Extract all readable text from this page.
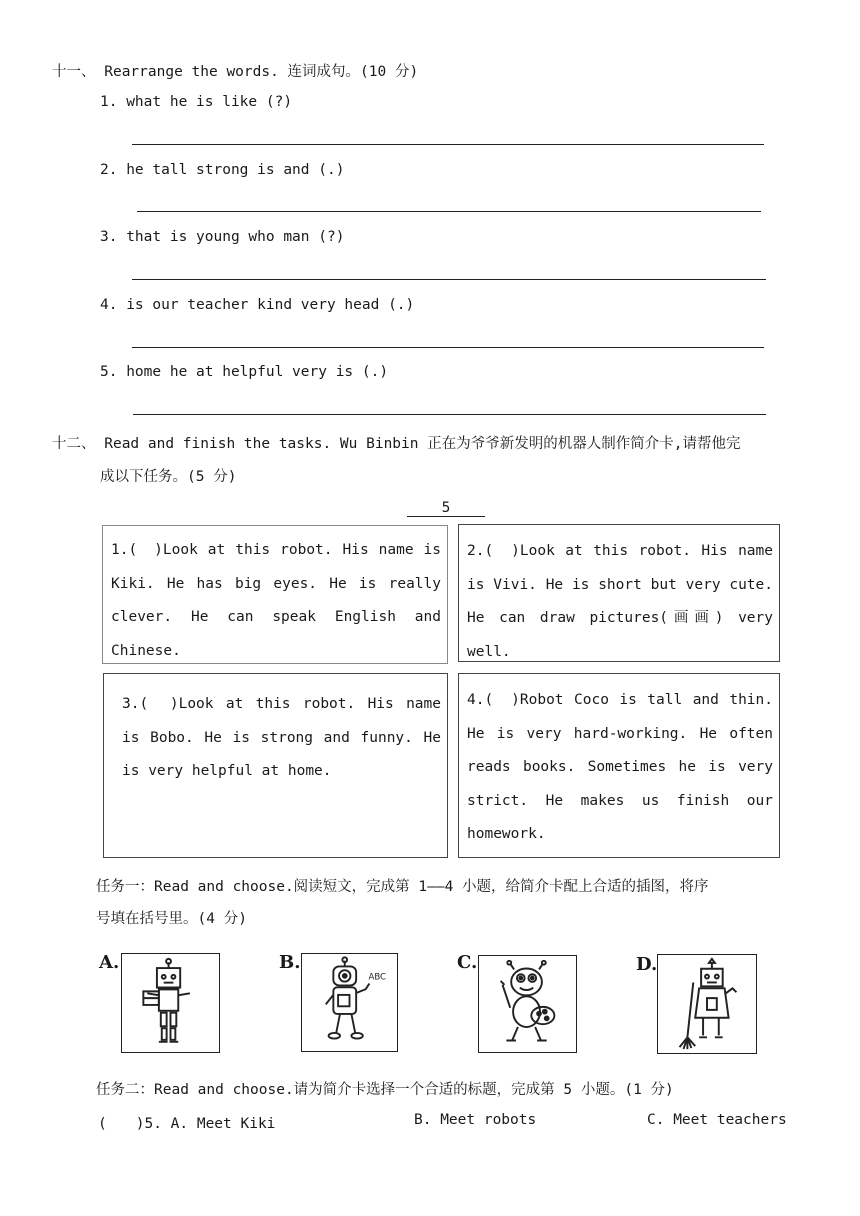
十一、 Rearrange the words. 连词成句。(10 分)
1. what he is like (?)
2. he tall strong is and (.)
3. that is young who man (?)
4. is our teacher kind very head (.)
5. home he at helpful very is (.)
十二、 Read and finish the tasks. Wu Binbin 正在为爷爷新发明的机器人制作简介卡,请帮他完
成以下任务。(5 分)
5

1.(　)Look at this robot. His name is Kiki. He has big eyes. He is really clever. He can speak English and Chinese.

2.(　)Look at this robot. His name is Vivi. He is short but very cute. He can draw pictures(画画) very well.

3.(　)Look at this robot. His name is Bobo. He is strong and funny. He is very helpful at home.

4.(　)Robot Coco is tall and thin. He is very hard-working. He often reads books. Sometimes he is very strict. He makes us finish our homework.

任务一：Read and choose.阅读短文，完成第 1——4 小题，给简介卡配上合适的插图，将序
号填在括号里。(4 分)
A.	B.
ABC
C.	D.
任务二：Read and choose.请为简介卡选择一个合适的标题，完成第 5 小题。(1 分)
(　　)5. A. Meet Kiki	B. Meet robots	C. Meet teachers
